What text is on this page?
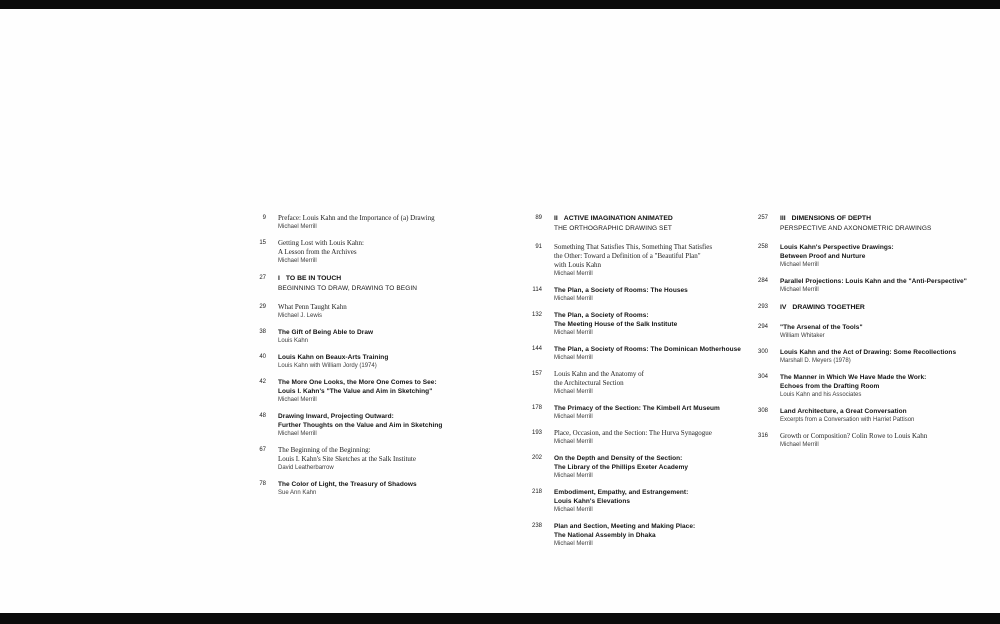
9	Preface: Louis Kahn and the Importance of (a) Drawing
Michael Merrill
15	Getting Lost with Louis Kahn:
A Lesson from the Archives
Michael Merrill
27	I TO BE IN TOUCH
BEGINNING TO DRAW, DRAWING TO BEGIN
29	What Penn Taught Kahn
Michael J. Lewis
38	The Gift of Being Able to Draw
Louis Kahn
40	Louis Kahn on Beaux-Arts Training
Louis Kahn with William Jordy (1974)
42	The More One Looks, the More One Comes to See:
Louis I. Kahn's "The Value and Aim in Sketching"
Michael Merrill
48	Drawing Inward, Projecting Outward:
Further Thoughts on the Value and Aim in Sketching
Michael Merrill
67	The Beginning of the Beginning:
Louis I. Kahn's Site Sketches at the Salk Institute
David Leatherbarrow
78	The Color of Light, the Treasury of Shadows
Sue Ann Kahn
89	II ACTIVE IMAGINATION ANIMATED
THE ORTHOGRAPHIC DRAWING SET
91	Something That Satisfies This, Something That Satisfies
the Other: Toward a Definition of a "Beautiful Plan"
with Louis Kahn
Michael Merrill
114	The Plan, a Society of Rooms: The Houses
Michael Merrill
132	The Plan, a Society of Rooms:
The Meeting House of the Salk Institute
Michael Merrill
144	The Plan, a Society of Rooms: The Dominican Motherhouse
Michael Merrill
157	Louis Kahn and the Anatomy of
the Architectural Section
Michael Merrill
178	The Primacy of the Section: The Kimbell Art Museum
Michael Merrill
193	Place, Occasion, and the Section: The Hurva Synagogue
Michael Merrill
202	On the Depth and Density of the Section:
The Library of the Phillips Exeter Academy
Michael Merrill
218	Embodiment, Empathy, and Estrangement:
Louis Kahn's Elevations
Michael Merrill
238	Plan and Section, Meeting and Making Place:
The National Assembly in Dhaka
Michael Merrill
257	III DIMENSIONS OF DEPTH
PERSPECTIVE AND AXONOMETRIC DRAWINGS
258	Louis Kahn's Perspective Drawings:
Between Proof and Nurture
Michael Merrill
284	Parallel Projections: Louis Kahn and the "Anti-Perspective"
Michael Merrill
293	IV DRAWING TOGETHER
294	"The Arsenal of the Tools"
William Whitaker
300	Louis Kahn and the Act of Drawing: Some Recollections
Marshall D. Meyers (1978)
304	The Manner in Which We Have Made the Work:
Echoes from the Drafting Room
Louis Kahn and his Associates
308	Land Architecture, a Great Conversation
Excerpts from a Conversation with Harriet Pattison
316	Growth or Composition? Colin Rowe to Louis Kahn
Michael Merrill
